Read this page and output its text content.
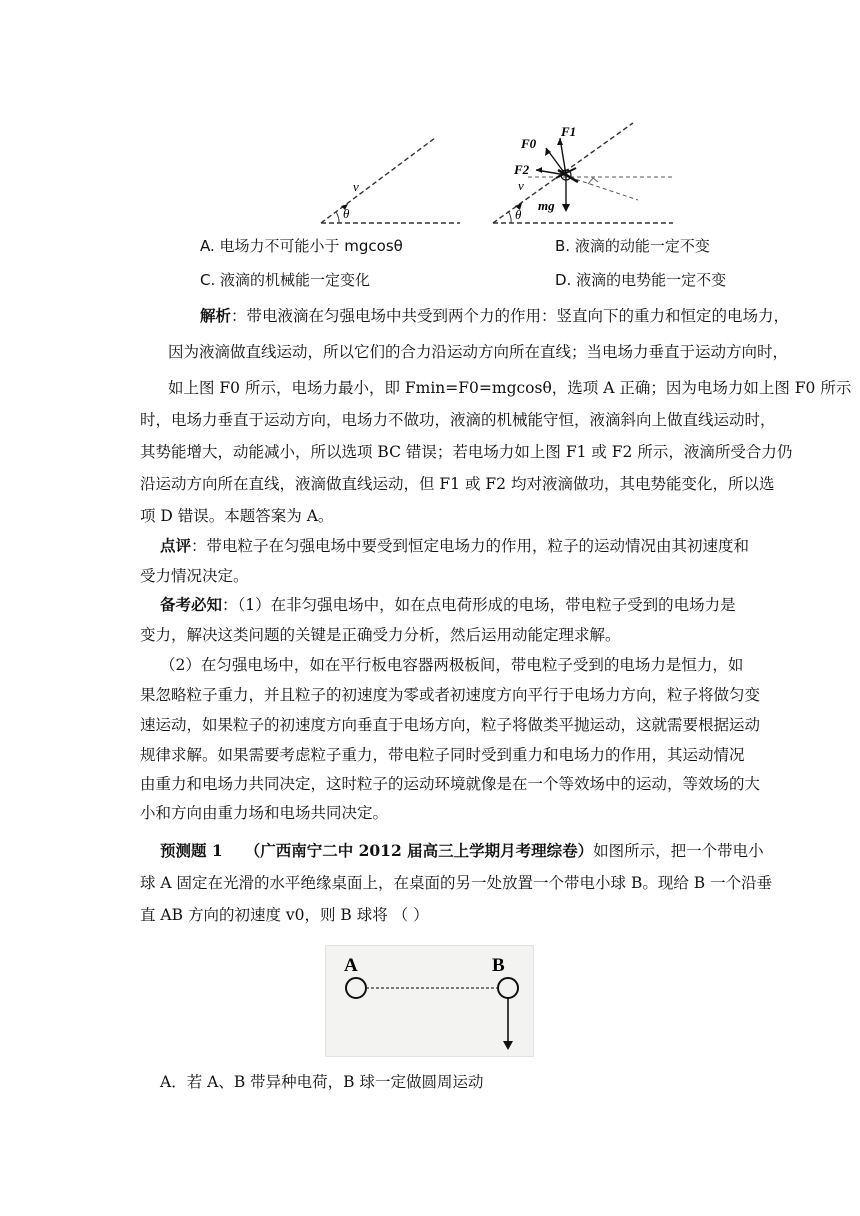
v
θ
F0
F1
F2
v
mg
θ
A. 电场力不可能小于 mgcosθ	B. 液滴的动能一定不变
C. 液滴的机械能一定变化	D. 液滴的电势能一定不变
解析：带电液滴在匀强电场中共受到两个力的作用：竖直向下的重力和恒定的电场力，
因为液滴做直线运动，所以它们的合力沿运动方向所在直线；当电场力垂直于运动方向时，
如上图 F0 所示，电场力最小，即 Fmin=F0=mgcosθ，选项 A 正确；因为电场力如上图 F0 所示
时，电场力垂直于运动方向，电场力不做功，液滴的机械能守恒，液滴斜向上做直线运动时，
其势能增大，动能减小，所以选项 BC 错误；若电场力如上图 F1 或 F2 所示，液滴所受合力仍
沿运动方向所在直线，液滴做直线运动，但 F1 或 F2 均对液滴做功，其电势能变化，所以选
项 D 错误。本题答案为 A。
点评：带电粒子在匀强电场中要受到恒定电场力的作用，粒子的运动情况由其初速度和
受力情况决定。
备考必知：（1）在非匀强电场中，如在点电荷形成的电场，带电粒子受到的电场力是
变力，解决这类问题的关键是正确受力分析，然后运用动能定理求解。
（2）在匀强电场中，如在平行板电容器两极板间，带电粒子受到的电场力是恒力，如
果忽略粒子重力，并且粒子的初速度为零或者初速度方向平行于电场力方向，粒子将做匀变
速运动，如果粒子的初速度方向垂直于电场方向，粒子将做类平抛运动，这就需要根据运动
规律求解。如果需要考虑粒子重力，带电粒子同时受到重力和电场力的作用，其运动情况
由重力和电场力共同决定，这时粒子的运动环境就像是在一个等效场中的运动，等效场的大
小和方向由重力场和电场共同决定。
预测题 1 （广西南宁二中 2012 届高三上学期月考理综卷）如图所示，把一个带电小
球 A 固定在光滑的水平绝缘桌面上，在桌面的另一处放置一个带电小球 B。现给 B 一个沿垂
直 AB 方向的初速度 v0，则 B 球将 （ ）
A	B
A．若 A、B 带异种电荷，B 球一定做圆周运动
